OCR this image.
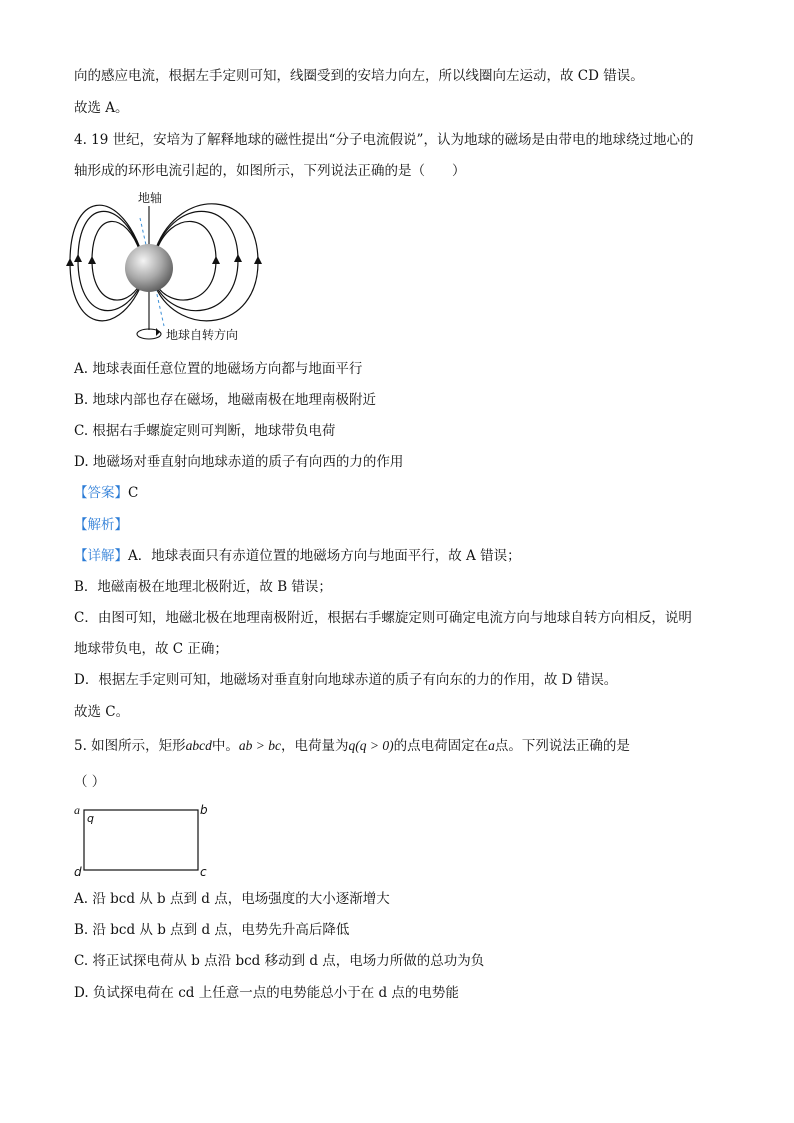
向的感应电流，根据左手定则可知，线圈受到的安培力向左，所以线圈向左运动，故 CD 错误。
故选 A。
4. 19 世纪，安培为了解释地球的磁性提出“分子电流假说”，认为地球的磁场是由带电的地球绕过地心的
轴形成的环形电流引起的，如图所示，下列说法正确的是（　　）
地轴
地球自转方向
A. 地球表面任意位置的地磁场方向都与地面平行
B. 地球内部也存在磁场，地磁南极在地理南极附近
C. 根据右手螺旋定则可判断，地球带负电荷
D. 地磁场对垂直射向地球赤道的质子有向西的力的作用
【答案】C
【解析】
【详解】A．地球表面只有赤道位置的地磁场方向与地面平行，故 A 错误；
B．地磁南极在地理北极附近，故 B 错误；
C．由图可知，地磁北极在地理南极附近，根据右手螺旋定则可确定电流方向与地球自转方向相反，说明
地球带负电，故 C 正确；
D．根据左手定则可知，地磁场对垂直射向地球赤道的质子有向东的力的作用，故 D 错误。
故选 C。
5. 如图所示，矩形abcd中。ab > bc，电荷量为q(q > 0)的点电荷固定在a点。下列说法正确的是
（ ）
a
q
b
d	c
A. 沿 bcd 从 b 点到 d 点，电场强度的大小逐渐增大
B. 沿 bcd 从 b 点到 d 点，电势先升高后降低
C. 将正试探电荷从 b 点沿 bcd 移动到 d 点，电场力所做的总功为负
D. 负试探电荷在 cd 上任意一点的电势能总小于在 d 点的电势能
